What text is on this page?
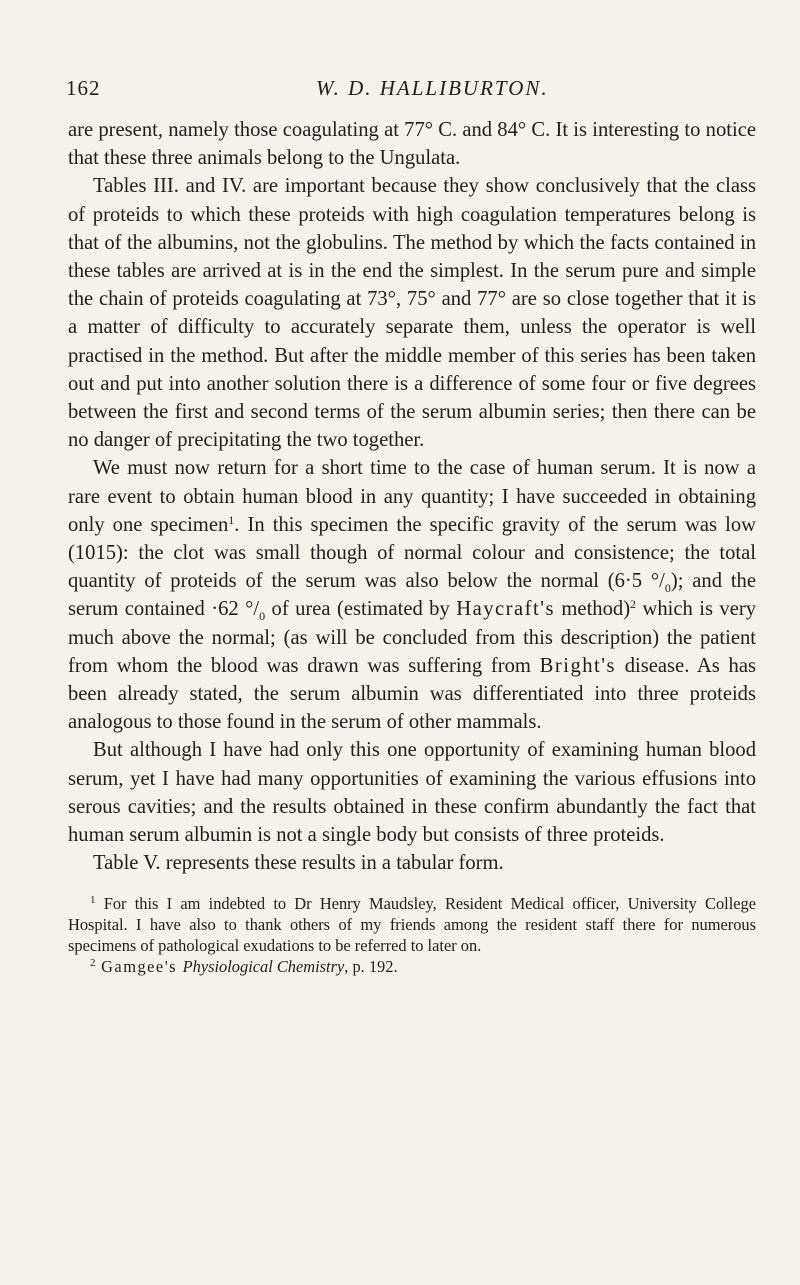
162	W. D. HALLIBURTON.

are present, namely those coagulating at 77° C. and 84° C. It is interesting to notice that these three animals belong to the Ungulata.

Tables III. and IV. are important because they show conclusively that the class of proteids to which these proteids with high coagulation temperatures belong is that of the albumins, not the globulins. The method by which the facts contained in these tables are arrived at is in the end the simplest. In the serum pure and simple the chain of proteids coagulating at 73°, 75° and 77° are so close together that it is a matter of difficulty to accurately separate them, unless the operator is well practised in the method. But after the middle member of this series has been taken out and put into another solution there is a difference of some four or five degrees between the first and second terms of the serum albumin series; then there can be no danger of precipitating the two together.

We must now return for a short time to the case of human serum. It is now a rare event to obtain human blood in any quantity; I have succeeded in obtaining only one specimen$^1$. In this specimen the specific gravity of the serum was low (1015): the clot was small though of normal colour and consistence; the total quantity of proteids of the serum was also below the normal (6·5 $^\circ/_0$); and the serum contained ·62 $^\circ/_0$ of urea (estimated by Haycraft's method)$^2$ which is very much above the normal; (as will be concluded from this description) the patient from whom the blood was drawn was suffering from Bright's disease. As has been already stated, the serum albumin was differentiated into three proteids analogous to those found in the serum of other mammals.

But although I have had only this one opportunity of examining human blood serum, yet I have had many opportunities of examining the various effusions into serous cavities; and the results obtained in these confirm abundantly the fact that human serum albumin is not a single body but consists of three proteids.

Table V. represents these results in a tabular form.

$^1$ For this I am indebted to Dr Henry Maudsley, Resident Medical officer, University College Hospital. I have also to thank others of my friends among the resident staff there for numerous specimens of pathological exudations to be referred to later on.

$^2$ Gamgee's Physiological Chemistry, p. 192.
